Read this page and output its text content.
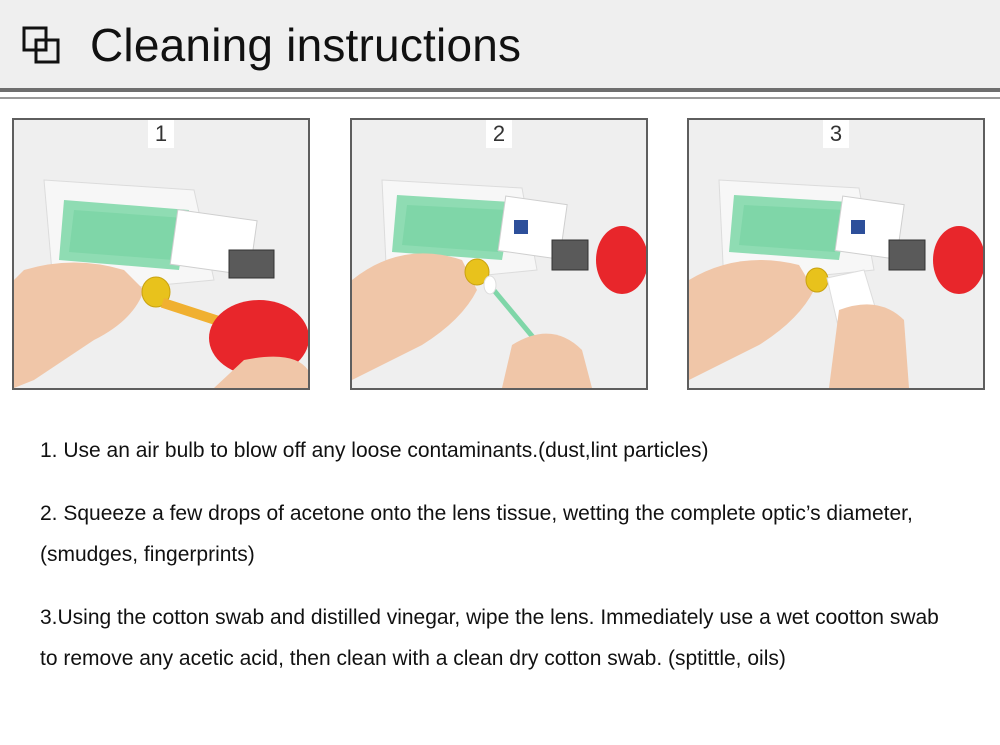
Cleaning instructions
1	2	3

1. Use an air bulb to blow off any loose contaminants.(dust,lint particles)

2. Squeeze a few drops of acetone onto the lens tissue, wetting the complete optic’s diameter, (smudges, fingerprints)

3.Using the cotton swab and distilled vinegar, wipe the lens. Immediately use a wet cootton swab to remove any acetic acid, then clean with a clean dry cotton swab. (sptittle, oils)
